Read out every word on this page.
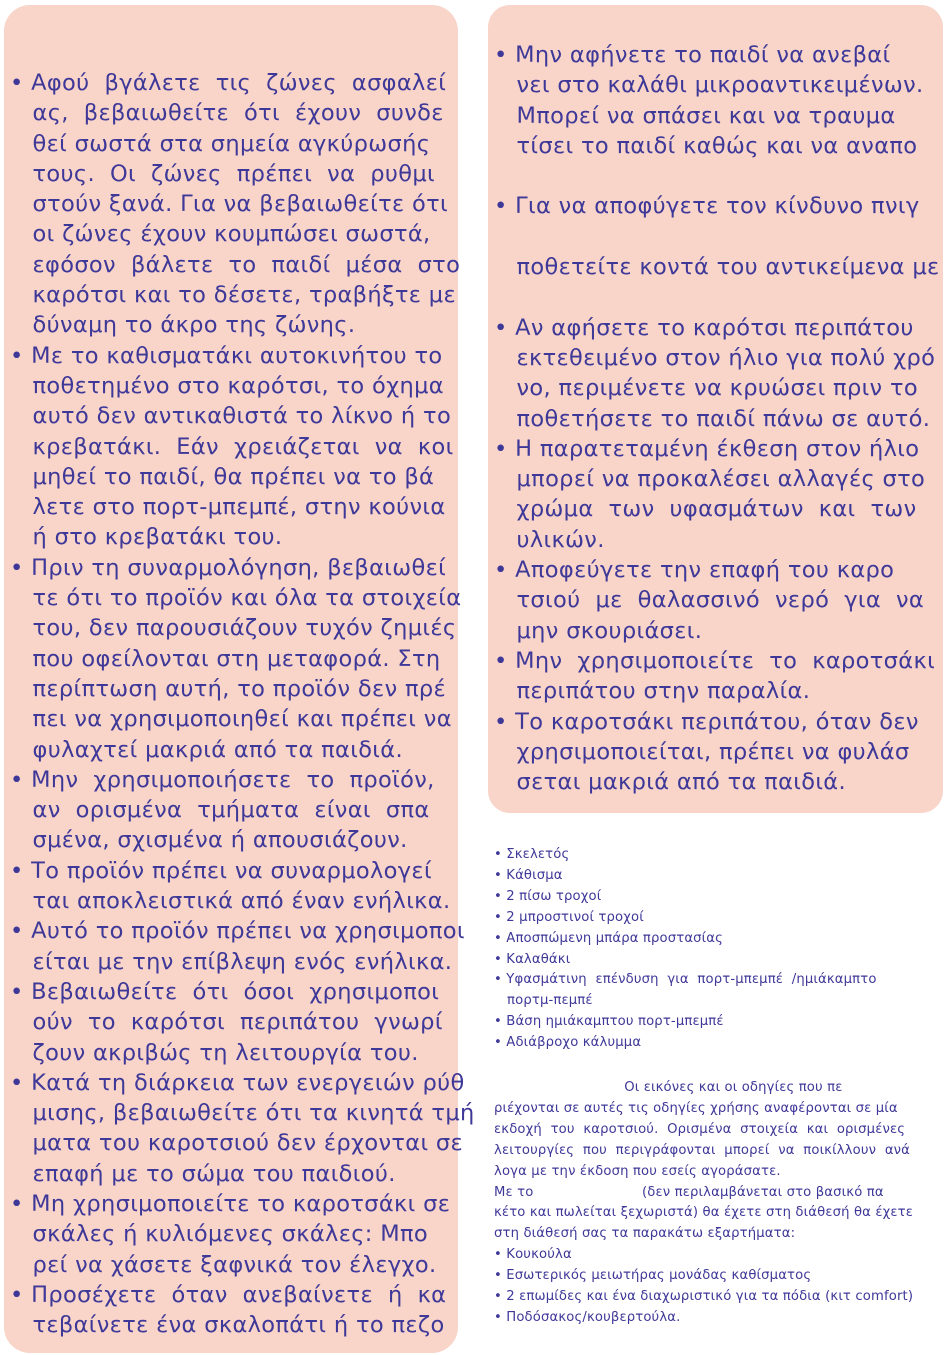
• Αφού  βγάλετε  τις  ζώνες  ασφαλεί
ας,  βεβαιωθείτε  ότι  έχουν  συνδε
θεί σωστά στα σημεία αγκύρωσής
τους.  Οι  ζώνες  πρέπει  να  ρυθμι
στούν ξανά. Για να βεβαιωθείτε ότι
οι ζώνες έχουν κουμπώσει σωστά,
εφόσον  βάλετε  το  παιδί  μέσα  στο
καρότσι και το δέσετε, τραβήξτε με
δύναμη το άκρο της ζώνης.
• Με το καθισματάκι αυτοκινήτου το
ποθετημένο στο καρότσι, το όχημα
αυτό δεν αντικαθιστά το λίκνο ή το
κρεβατάκι.  Εάν  χρειάζεται  να  κοι
μηθεί το παιδί, θα πρέπει να το βά
λετε στο πορτ-μπεμπέ, στην κούνια
ή στο κρεβατάκι του.
• Πριν τη συναρμολόγηση, βεβαιωθεί
τε ότι το προϊόν και όλα τα στοιχεία
του, δεν παρουσιάζουν τυχόν ζημιές
που οφείλονται στη μεταφορά. Στη
περίπτωση αυτή, το προϊόν δεν πρέ
πει να χρησιμοποιηθεί και πρέπει να
φυλαχτεί μακριά από τα παιδιά.
• Μην  χρησιμοποιήσετε  το  προϊόν,
αν  ορισμένα  τμήματα  είναι  σπα
σμένα, σχισμένα ή απουσιάζουν.
• Το προϊόν πρέπει να συναρμολογεί
ται αποκλειστικά από έναν ενήλικα.
• Αυτό το προϊόν πρέπει να χρησιμοποι
είται με την επίβλεψη ενός ενήλικα.
• Βεβαιωθείτε  ότι  όσοι  χρησιμοποι
ούν  το  καρότσι  περιπάτου  γνωρί
ζουν ακριβώς τη λειτουργία του.
• Κατά τη διάρκεια των ενεργειών ρύθ
μισης, βεβαιωθείτε ότι τα κινητά τμή
ματα του καροτσιού δεν έρχονται σε
επαφή με το σώμα του παιδιού.
• Μη χρησιμοποιείτε το καροτσάκι σε
σκάλες ή κυλιόμενες σκάλες: Μπο
ρεί να χάσετε ξαφνικά τον έλεγχο.
• Προσέχετε  όταν  ανεβαίνετε  ή  κα
τεβαίνετε ένα σκαλοπάτι ή το πεζο
• Μην αφήνετε το παιδί να ανεβαί
νει στο καλάθι μικροαντικειμένων.
Μπορεί να σπάσει και να τραυμα
τίσει το παιδί καθώς και να αναπο

• Για να αποφύγετε τον κίνδυνο πνιγ

ποθετείτε κοντά του αντικείμενα με

• Αν αφήσετε το καρότσι περιπάτου
εκτεθειμένο στον ήλιο για πολύ χρό
νο, περιμένετε να κρυώσει πριν το
ποθετήσετε το παιδί πάνω σε αυτό.
• Η παρατεταμένη έκθεση στον ήλιο
μπορεί να προκαλέσει αλλαγές στο
χρώμα  των  υφασμάτων  και  των
υλικών.
• Αποφεύγετε την επαφή του καρο
τσιού  με  θαλασσινό  νερό  για  να
μην σκουριάσει.
• Μην  χρησιμοποιείτε  το  καροτσάκι
περιπάτου στην παραλία.
• Το καροτσάκι περιπάτου, όταν δεν
χρησιμοποιείται, πρέπει να φυλάσ
σεται μακριά από τα παιδιά.
• Σκελετός
• Κάθισμα
• 2 πίσω τροχοί
• 2 μπροστινοί τροχοί
• Αποσπώμενη μπάρα προστασίας
• Καλαθάκι
• Υφασμάτινη  επένδυση  για  πορτ-μπεμπέ  /ημιάκαμπτο
πορτμ-πεμπέ
• Βάση ημιάκαμπτου πορτ-μπεμπέ
• Αδιάβροχο κάλυμμα
Οι εικόνες και οι οδηγίες που πε
ριέχονται σε αυτές τις οδηγίες χρήσης αναφέρονται σε μία
εκδοχή  του  καροτσιού.  Ορισμένα  στοιχεία  και  ορισμένες
λειτουργίες  που  περιγράφονται  μπορεί  να  ποικίλλουν  ανά
λογα με την έκδοση που εσείς αγοράσατε.
Με το                         (δεν περιλαμβάνεται στο βασικό πα
κέτο και πωλείται ξεχωριστά) θα έχετε στη διάθεσή θα έχετε
στη διάθεσή σας τα παρακάτω εξαρτήματα:
• Κουκούλα
• Εσωτερικός μειωτήρας μονάδας καθίσματος
• 2 επωμίδες και ένα διαχωριστικό για τα πόδια (κιτ comfort)
• Ποδόσακος/κουβερτούλα.
